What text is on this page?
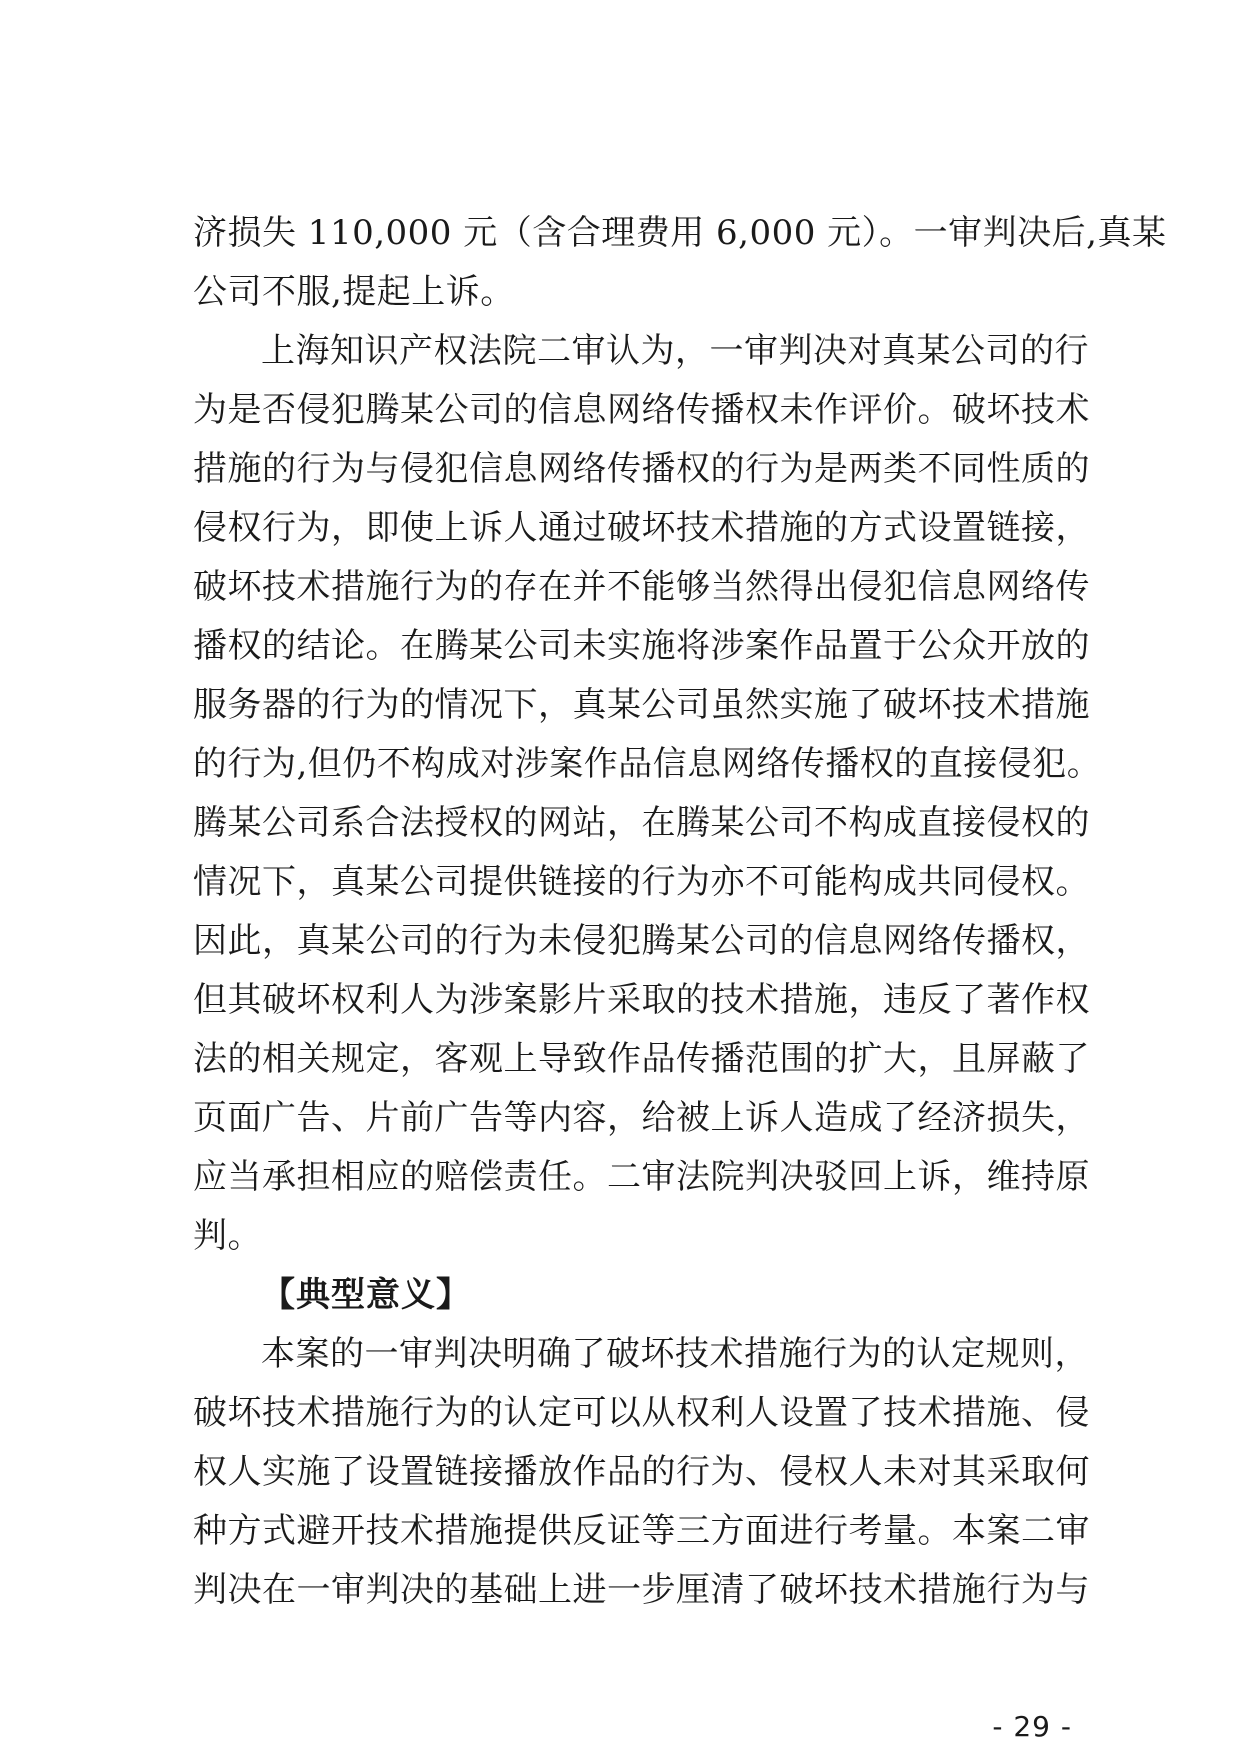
济损失 110,000 元（含合理费用 6,000 元）。一审判决后,真某
公司不服,提起上诉。
上海知识产权法院二审认为，一审判决对真某公司的行
为是否侵犯腾某公司的信息网络传播权未作评价。破坏技术
措施的行为与侵犯信息网络传播权的行为是两类不同性质的
侵权行为，即使上诉人通过破坏技术措施的方式设置链接，
破坏技术措施行为的存在并不能够当然得出侵犯信息网络传
播权的结论。在腾某公司未实施将涉案作品置于公众开放的
服务器的行为的情况下，真某公司虽然实施了破坏技术措施
的行为,但仍不构成对涉案作品信息网络传播权的直接侵犯。
腾某公司系合法授权的网站，在腾某公司不构成直接侵权的
情况下，真某公司提供链接的行为亦不可能构成共同侵权。
因此，真某公司的行为未侵犯腾某公司的信息网络传播权，
但其破坏权利人为涉案影片采取的技术措施，违反了著作权
法的相关规定，客观上导致作品传播范围的扩大，且屏蔽了
页面广告、片前广告等内容，给被上诉人造成了经济损失，
应当承担相应的赔偿责任。二审法院判决驳回上诉，维持原
判。
【典型意义】
本案的一审判决明确了破坏技术措施行为的认定规则，
破坏技术措施行为的认定可以从权利人设置了技术措施、侵
权人实施了设置链接播放作品的行为、侵权人未对其采取何
种方式避开技术措施提供反证等三方面进行考量。本案二审
判决在一审判决的基础上进一步厘清了破坏技术措施行为与
- 29 -
